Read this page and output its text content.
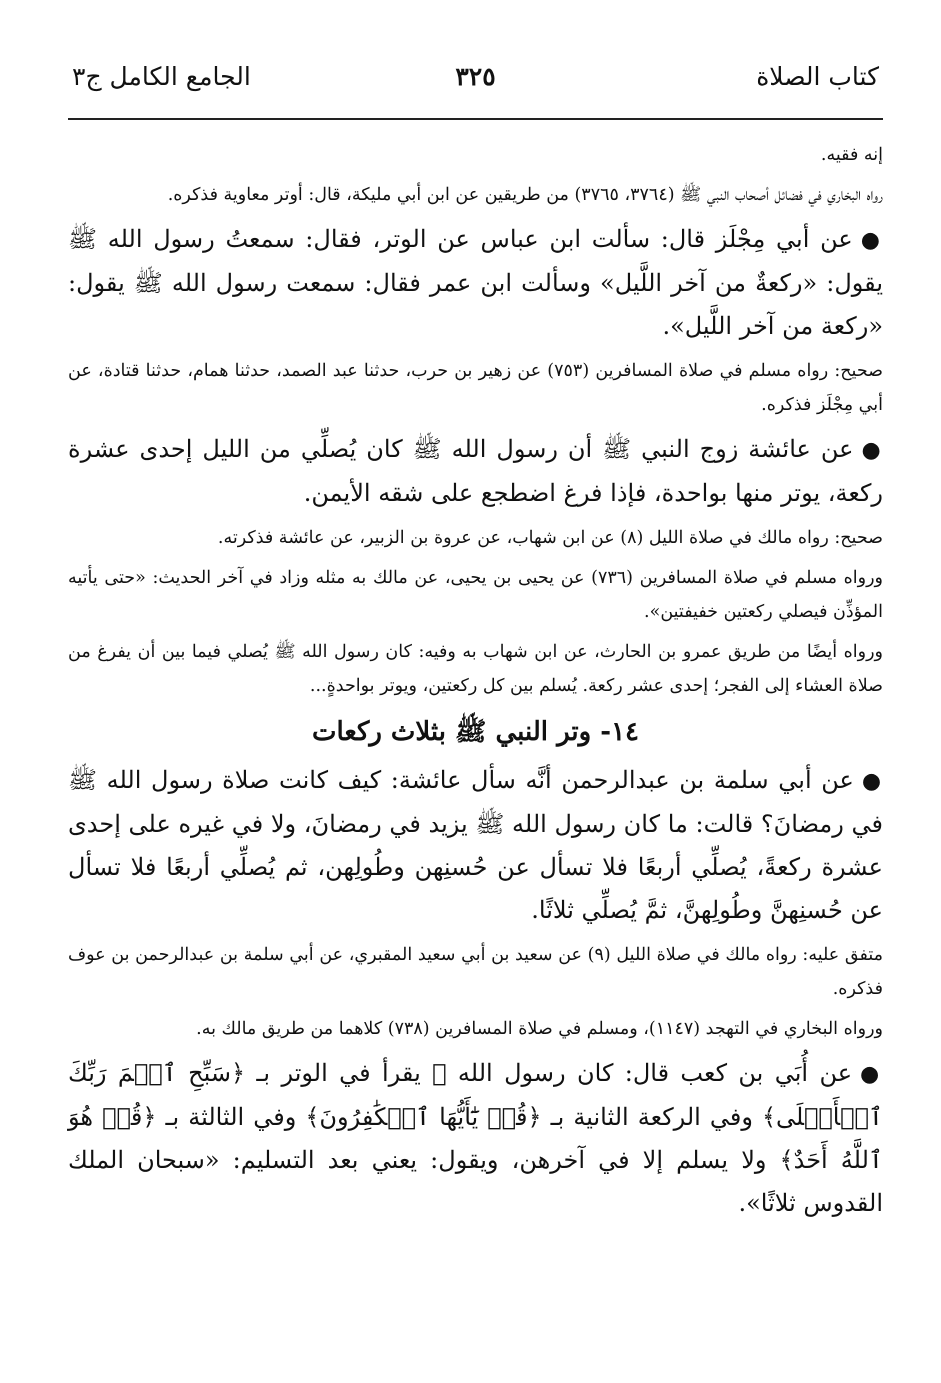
كتاب الصلاة
٣٢٥
الجامع الكامل ج٣

إنه فقيه.

رواه البخاري في فضائل أصحاب النبي ﷺ (٣٧٦٤، ٣٧٦٥) من طريقين عن ابن أبي مليكة، قال: أوتر معاوية فذكره.

●عن أبي مِجْلَز قال: سألت ابن عباس عن الوتر، فقال: سمعتُ رسول الله ﷺ يقول: «ركعةٌ من آخر اللَّيل» وسألت ابن عمر فقال: سمعت رسول الله ﷺ يقول: «ركعة من آخر اللَّيل».

صحيح: رواه مسلم في صلاة المسافرين (٧٥٣) عن زهير بن حرب، حدثنا عبد الصمد، حدثنا همام، حدثنا قتادة، عن أبي مِجْلَز فذكره.

●عن عائشة زوج النبي ﷺ أن رسول الله ﷺ كان يُصلِّي من الليل إحدى عشرة ركعة، يوتر منها بواحدة، فإذا فرغ اضطجع على شقه الأيمن.

صحيح: رواه مالك في صلاة الليل (٨) عن ابن شهاب، عن عروة بن الزبير، عن عائشة فذكرته.

ورواه مسلم في صلاة المسافرين (٧٣٦) عن يحيى بن يحيى، عن مالك به مثله وزاد في آخر الحديث: «حتى يأتيه المؤذِّن فيصلي ركعتين خفيفتين».

ورواه أيضًا من طريق عمرو بن الحارث، عن ابن شهاب به وفيه: كان رسول الله ﷺ يُصلي فيما بين أن يفرغ من صلاة العشاء إلى الفجر؛ إحدى عشر ركعة. يُسلم بين كل ركعتين، ويوتر بواحدةٍ...

١٤- وتر النبي ﷺ بثلاث ركعات

●عن أبي سلمة بن عبدالرحمن أنَّه سأل عائشة: كيف كانت صلاة رسول الله ﷺ في رمضانَ؟ قالت: ما كان رسول الله ﷺ يزيد في رمضانَ، ولا في غيره على إحدى عشرة ركعةً، يُصلِّي أربعًا فلا تسأل عن حُسنِهن وطُولِهن، ثم يُصلِّي أربعًا فلا تسأل عن حُسنِهنَّ وطُولِهنَّ، ثمَّ يُصلِّي ثلاثًا.

متفق عليه: رواه مالك في صلاة الليل (٩) عن سعيد بن أبي سعيد المقبري، عن أبي سلمة بن عبدالرحمن بن عوف فذكره.

ورواه البخاري في التهجد (١١٤٧)، ومسلم في صلاة المسافرين (٧٣٨) كلاهما من طريق مالك به.

●عن أُبَي بن كعب قال: كان رسول الله ﷺ يقرأ في الوتر بـ ﴿سَبِّحِ ٱسۡمَ رَبِّكَ ٱلۡأَعۡلَى﴾ وفي الركعة الثانية بـ ﴿قُلۡ يَٰٓأَيُّهَا ٱلۡكَٰفِرُونَ﴾ وفي الثالثة بـ ﴿قُلۡ هُوَ ٱللَّهُ أَحَدٌ﴾ ولا يسلم إلا في آخرهن، ويقول: يعني بعد التسليم: «سبحان الملك القدوس ثلاثًا».
